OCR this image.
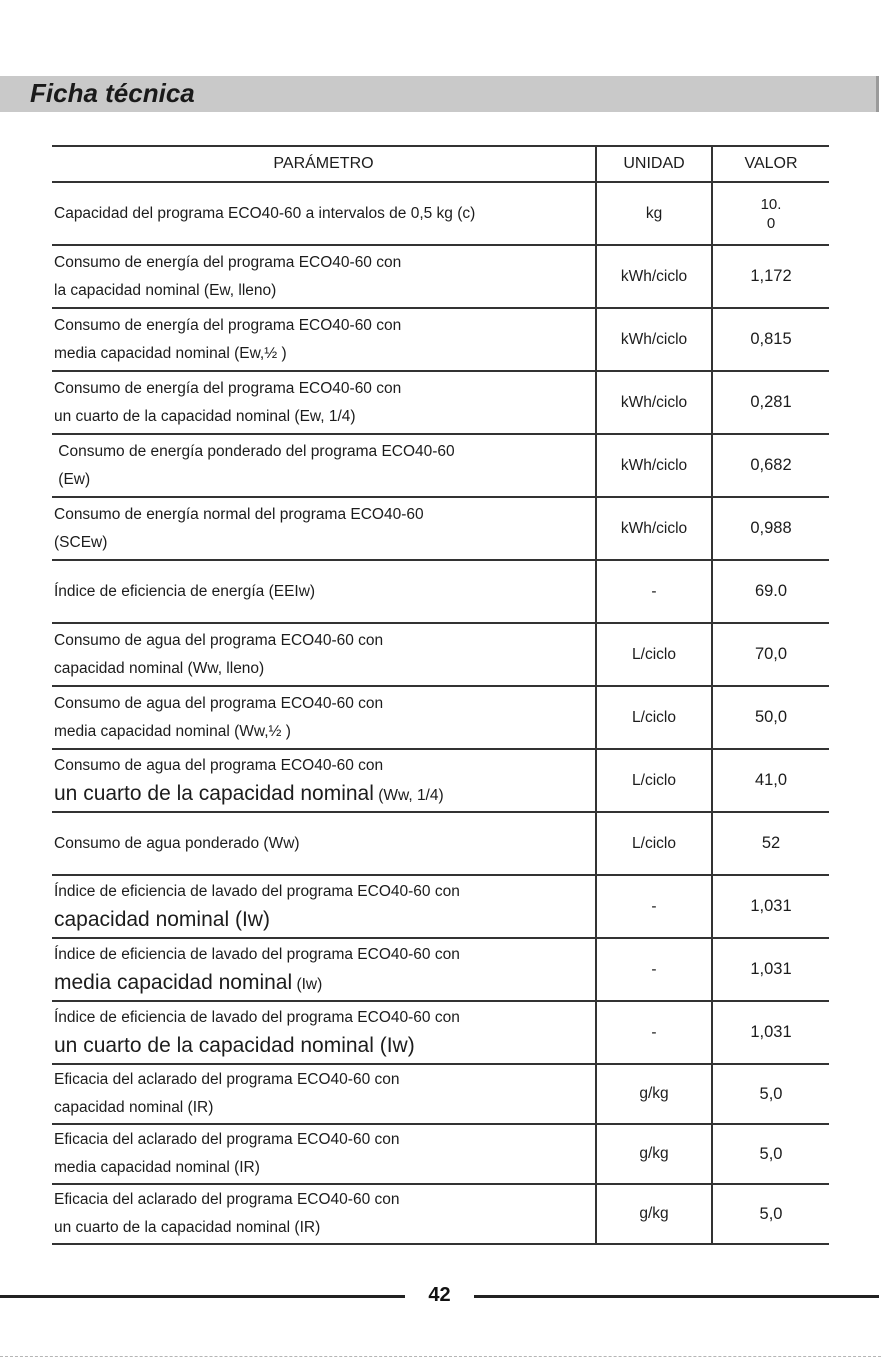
Ficha técnica
PARÁMETRO	UNIDAD	VALOR
Capacidad del programa ECO40-60 a intervalos de 0,5 kg (c)	kg	10.
0
Consumo de energía del programa ECO40-60 con
la capacidad nominal (Ew, lleno)	kWh/ciclo	1,172
Consumo de energía del programa ECO40-60 con
media capacidad nominal (Ew,½ )	kWh/ciclo	0,815
Consumo de energía del programa ECO40-60 con
un cuarto de la capacidad nominal (Ew, 1/4)	kWh/ciclo	0,281
Consumo de energía ponderado del programa ECO40-60
(Ew)	kWh/ciclo	0,682
Consumo de energía normal del programa ECO40-60
(SCEw)	kWh/ciclo	0,988
Índice de eficiencia de energía (EEIw)	-	69.0
Consumo de agua del programa ECO40-60 con
capacidad nominal (Ww, lleno)	L/ciclo	70,0
Consumo de agua del programa ECO40-60 con
media capacidad nominal (Ww,½ )	L/ciclo	50,0
Consumo de agua del programa ECO40-60 con
un cuarto de la capacidad nominal (Ww, 1/4)	L/ciclo	41,0
Consumo de agua ponderado (Ww)	L/ciclo	52
Índice de eficiencia de lavado del programa ECO40-60 con
capacidad nominal (Iw)	-	1,031
Índice de eficiencia de lavado del programa ECO40-60 con
media capacidad nominal (Iw)	-	1,031
Índice de eficiencia de lavado del programa ECO40-60 con
un cuarto de la capacidad nominal (Iw)	-	1,031
Eficacia del aclarado del programa ECO40-60 con
capacidad nominal (IR)	g/kg	5,0
Eficacia del aclarado del programa ECO40-60 con
media capacidad nominal (IR)	g/kg	5,0
Eficacia del aclarado del programa ECO40-60 con
un cuarto de la capacidad nominal (IR)	g/kg	5,0
42
